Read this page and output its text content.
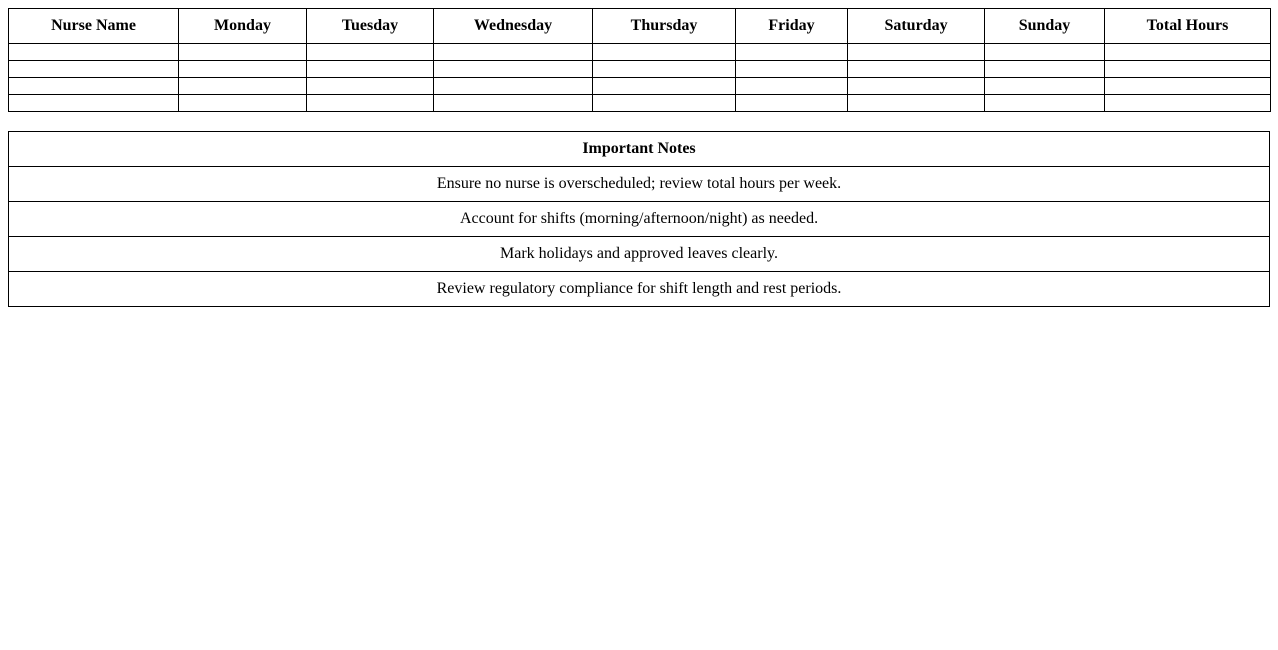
Nurse Name	Monday	Tuesday	Wednesday	Thursday	Friday	Saturday	Sunday	Total Hours

Important Notes
Ensure no nurse is overscheduled; review total hours per week.
Account for shifts (morning/afternoon/night) as needed.
Mark holidays and approved leaves clearly.
Review regulatory compliance for shift length and rest periods.
